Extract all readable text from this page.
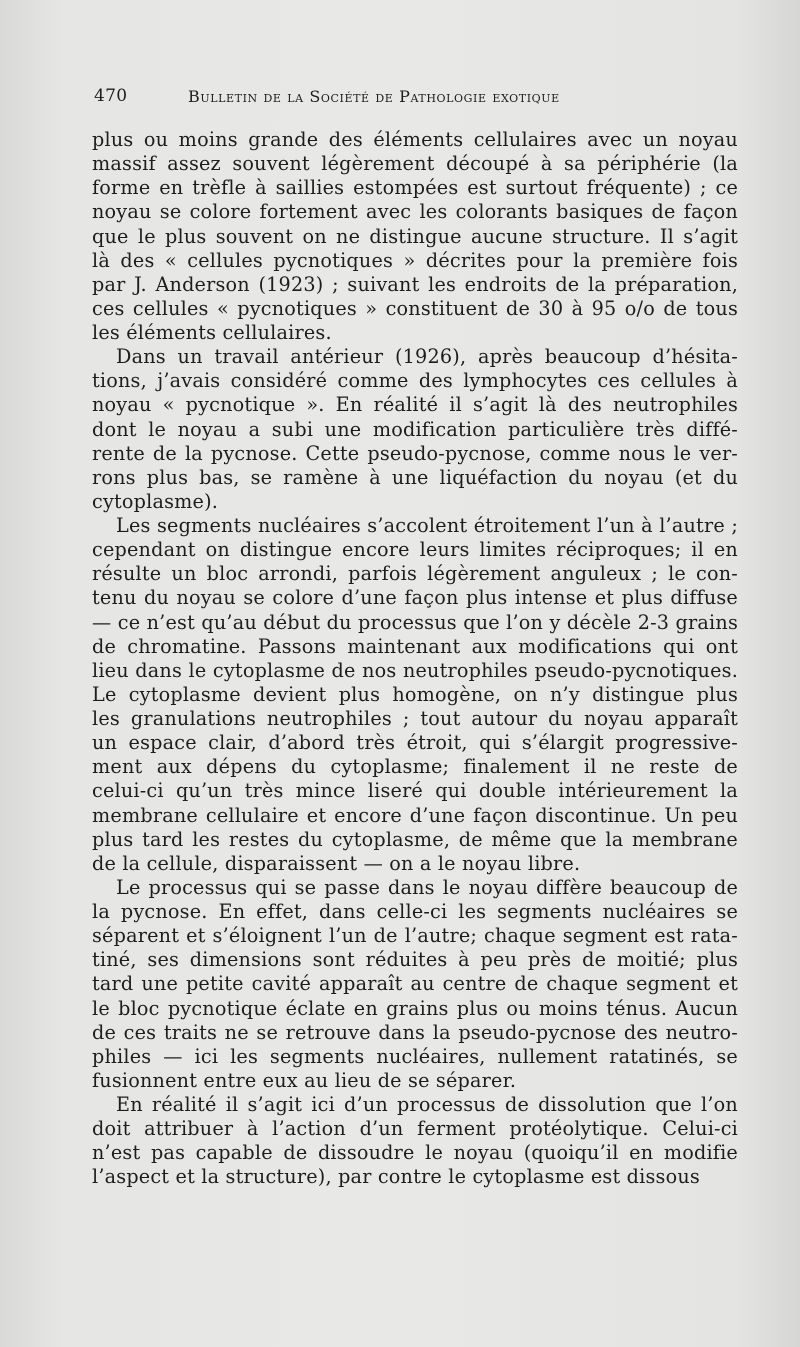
470	Bulletin de la Société de Pathologie exotique
plus ou moins grande des éléments cellulaires avec un noyau
massif assez souvent légèrement découpé à sa périphérie (la
forme en trèfle à saillies estompées est surtout fréquente) ; ce
noyau se colore fortement avec les colorants basiques de façon
que le plus souvent on ne distingue aucune structure. Il s’agit
là des « cellules pycnotiques » décrites pour la première fois
par J. Anderson (1923) ; suivant les endroits de la préparation,
ces cellules « pycnotiques » constituent de 30 à 95 o/o de tous
les éléments cellulaires.
Dans un travail antérieur (1926), après beaucoup d’hésita-
tions, j’avais considéré comme des lymphocytes ces cellules à
noyau « pycnotique ». En réalité il s’agit là des neutrophiles
dont le noyau a subi une modification particulière très diffé-
rente de la pycnose. Cette pseudo-pycnose, comme nous le ver-
rons plus bas, se ramène à une liquéfaction du noyau (et du
cytoplasme).
Les segments nucléaires s’accolent étroitement l’un à l’autre ;
cependant on distingue encore leurs limites réciproques; il en
résulte un bloc arrondi, parfois légèrement anguleux ; le con-
tenu du noyau se colore d’une façon plus intense et plus diffuse
— ce n’est qu’au début du processus que l’on y décèle 2-3 grains
de chromatine. Passons maintenant aux modifications qui ont
lieu dans le cytoplasme de nos neutrophiles pseudo-pycnotiques.
Le cytoplasme devient plus homogène, on n’y distingue plus
les granulations neutrophiles ; tout autour du noyau apparaît
un espace clair, d’abord très étroit, qui s’élargit progressive-
ment aux dépens du cytoplasme; finalement il ne reste de
celui-ci qu’un très mince liseré qui double intérieurement la
membrane cellulaire et encore d’une façon discontinue. Un peu
plus tard les restes du cytoplasme, de même que la membrane
de la cellule, disparaissent — on a le noyau libre.
Le processus qui se passe dans le noyau diffère beaucoup de
la pycnose. En effet, dans celle-ci les segments nucléaires se
séparent et s’éloignent l’un de l’autre; chaque segment est rata-
tiné, ses dimensions sont réduites à peu près de moitié; plus
tard une petite cavité apparaît au centre de chaque segment et
le bloc pycnotique éclate en grains plus ou moins ténus. Aucun
de ces traits ne se retrouve dans la pseudo-pycnose des neutro-
philes — ici les segments nucléaires, nullement ratatinés, se
fusionnent entre eux au lieu de se séparer.
En réalité il s’agit ici d’un processus de dissolution que l’on
doit attribuer à l’action d’un ferment protéolytique. Celui-ci
n’est pas capable de dissoudre le noyau (quoiqu’il en modifie
l’aspect et la structure), par contre le cytoplasme est dissous
